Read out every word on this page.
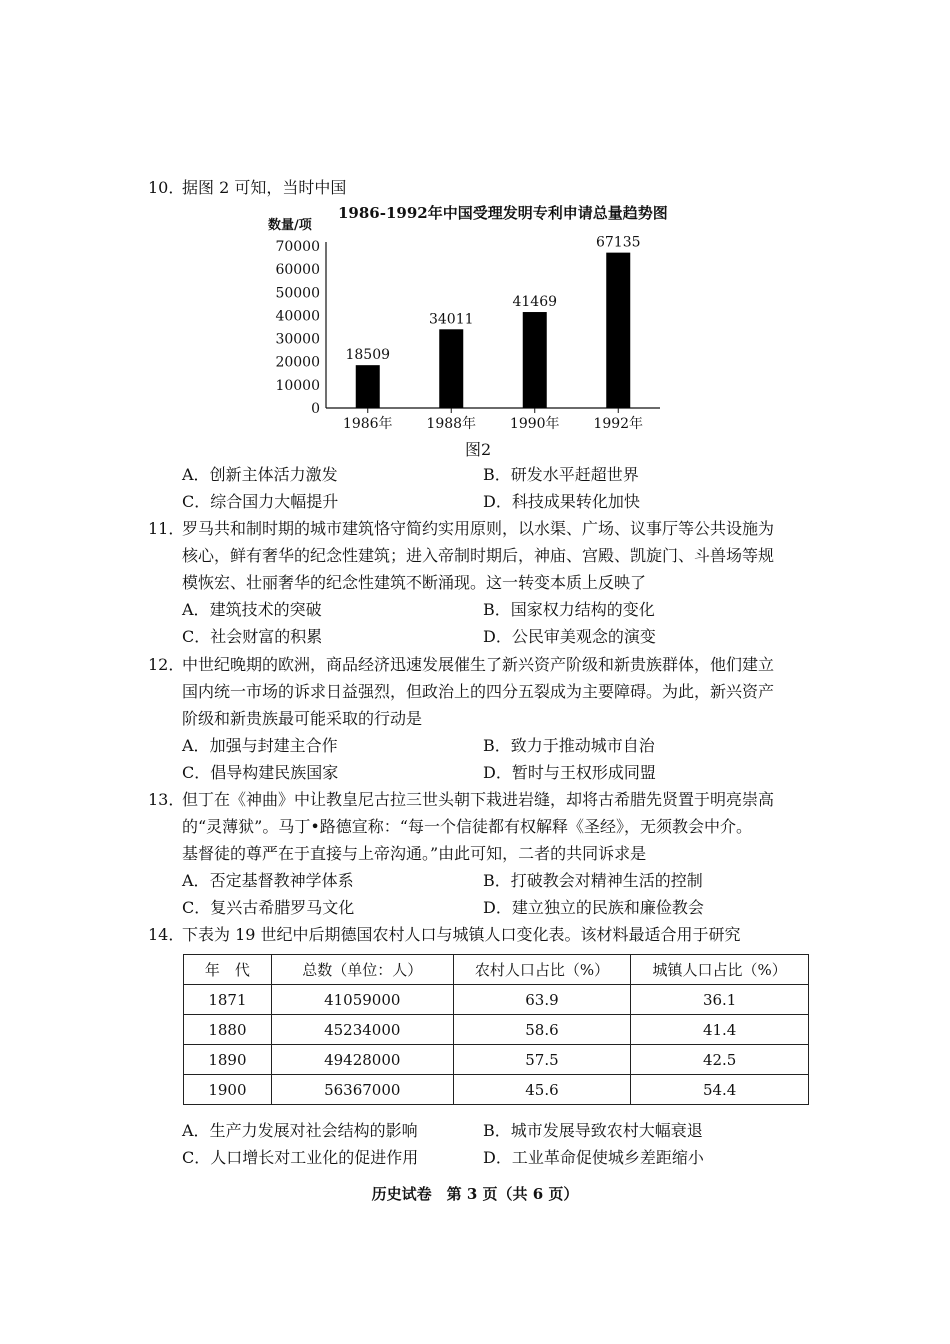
10．据图 2 可知，当时中国
1986-1992年中国受理发明专利申请总量趋势图
数量/项
70000
60000
50000
40000
30000
20000
10000
0
18509
1986年
34011
1988年
41469
1990年
67135
1992年
图2
A．创新主体活力激发	B．研发水平赶超世界
C．综合国力大幅提升	D．科技成果转化加快
11．罗马共和制时期的城市建筑恪守简约实用原则，以水渠、广场、议事厅等公共设施为
核心，鲜有奢华的纪念性建筑；进入帝制时期后，神庙、宫殿、凯旋门、斗兽场等规
模恢宏、壮丽奢华的纪念性建筑不断涌现。这一转变本质上反映了
A．建筑技术的突破	B．国家权力结构的变化
C．社会财富的积累	D．公民审美观念的演变
12．中世纪晚期的欧洲，商品经济迅速发展催生了新兴资产阶级和新贵族群体，他们建立
国内统一市场的诉求日益强烈，但政治上的四分五裂成为主要障碍。为此，新兴资产
阶级和新贵族最可能采取的行动是
A．加强与封建主合作	B．致力于推动城市自治
C．倡导构建民族国家	D．暂时与王权形成同盟
13．但丁在《神曲》中让教皇尼古拉三世头朝下栽进岩缝，却将古希腊先贤置于明亮崇高
的“灵薄狱”。马丁•路德宣称：“每一个信徒都有权解释《圣经》，无须教会中介。
基督徒的尊严在于直接与上帝沟通。”由此可知，二者的共同诉求是
A．否定基督教神学体系	B．打破教会对精神生活的控制
C．复兴古希腊罗马文化	D．建立独立的民族和廉俭教会
14．下表为 19 世纪中后期德国农村人口与城镇人口变化表。该材料最适合用于研究
年　代	总数（单位：人）	农村人口占比（%）	城镇人口占比（%）
1871	41059000	63.9	36.1
1880	45234000	58.6	41.4
1890	49428000	57.5	42.5
1900	56367000	45.6	54.4
A．生产力发展对社会结构的影响	B．城市发展导致农村大幅衰退
C．人口增长对工业化的促进作用	D．工业革命促使城乡差距缩小
历史试卷　第 3 页（共 6 页）
